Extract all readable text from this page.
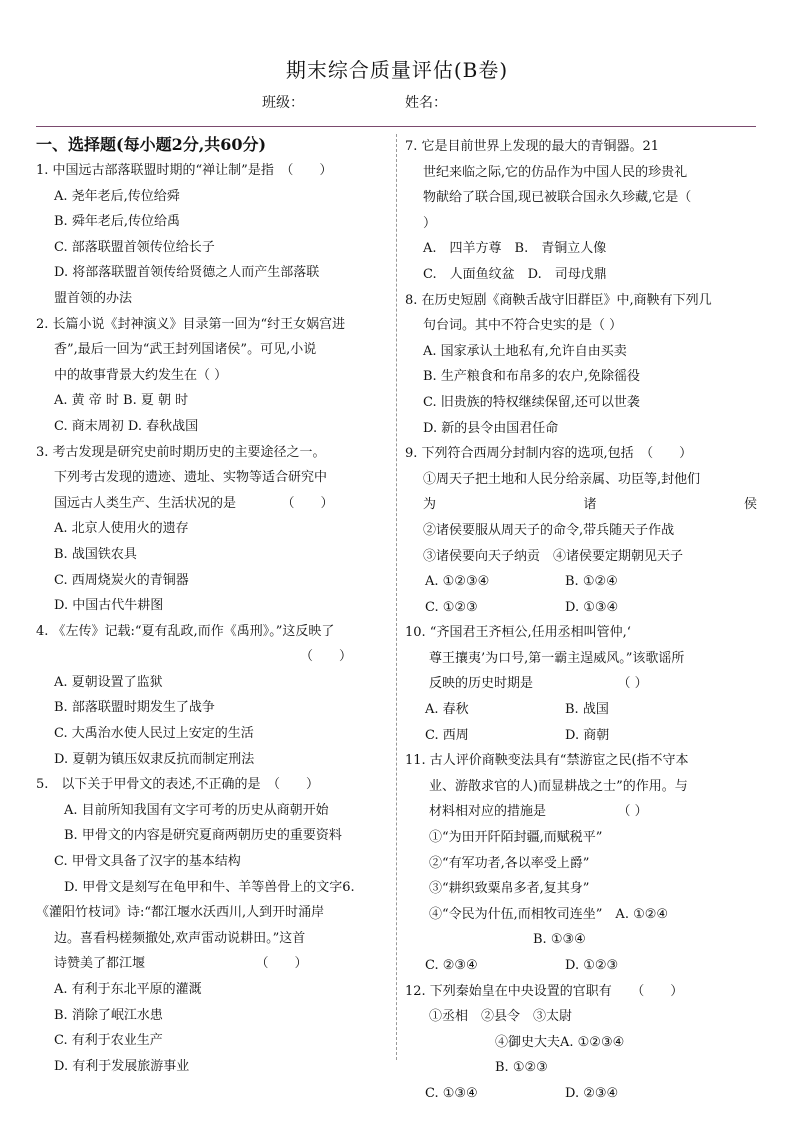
期末综合质量评估(B卷)
班级：	姓名：
一、选择题(每小题2分,共60分)
1. 中国远古部落联盟时期的“禅让制”是指　（　　）
A. 尧年老后,传位给舜
B. 舜年老后,传位给禹
C. 部落联盟首领传位给长子
D. 将部落联盟首领传给贤德之人而产生部落联
盟首领的办法
2. 长篇小说《封神演义》目录第一回为“纣王女娲宫进
香”,最后一回为“武王封列国诸侯”。可见,小说
中的故事背景大约发生在（ ）
A. 黄 帝 时 B. 夏 朝 时
C. 商末周初 D. 春秋战国
3. 考古发现是研究史前时期历史的主要途径之一。
下列考古发现的遗迹、遗址、实物等适合研究中
国远古人类生产、生活状况的是　　　　（　　）
A. 北京人使用火的遗存
B. 战国铁农具
C. 西周烧炭火的青铜器
D. 中国古代牛耕图
4. 《左传》记载:“夏有乱政,而作《禹刑》。”这反映了
（　　）
A. 夏朝设置了监狱
B. 部落联盟时期发生了战争
C. 大禹治水使人民过上安定的生活
D. 夏朝为镇压奴隶反抗而制定刑法
5.　以下关于甲骨文的表述,不正确的是　（　　）
A. 目前所知我国有文字可考的历史从商朝开始
B. 甲骨文的内容是研究夏商两朝历史的重要资料
C. 甲骨文具备了汉字的基本结构
D. 甲骨文是刻写在龟甲和牛、羊等兽骨上的文字6.
《灌阳竹枝词》诗:“都江堰水沃西川,人到开时涌岸
边。喜看杩槎频撤处,欢声雷动说耕田。”这首
诗赞美了都江堰　　　　　　　　　（　　）
A. 有利于东北平原的灌溉
B. 消除了岷江水患
C. 有利于农业生产
D. 有利于发展旅游事业
7. 它是目前世界上发现的最大的青铜器。21
世纪来临之际,它的仿品作为中国人民的珍贵礼
物献给了联合国,现已被联合国永久珍藏,它是（
）
A.　四羊方尊　B.　青铜立人像
C.　人面鱼纹盆　D.　司母戊鼎
8. 在历史短剧《商鞅舌战守旧群臣》中,商鞅有下列几
句台词。其中不符合史实的是（ ）
A. 国家承认土地私有,允许自由买卖
B. 生产粮食和布帛多的农户,免除徭役
C. 旧贵族的特权继续保留,还可以世袭
D. 新的县令由国君任命
9. 下列符合西周分封制内容的选项,包括　（　　）
①周天子把土地和人民分给亲属、功臣等,封他们
为	诸	侯
②诸侯要服从周天子的命令,带兵随天子作战
③诸侯要向天子纳贡　④诸侯要定期朝见天子
A. ①②③④	B. ①②④
C. ①②③	D. ①③④
10. “齐国君王齐桓公,任用丞相叫管仲,‘
尊王攘夷’为口号,第一霸主逞威风。”该歌谣所
反映的历史时期是　　　　　　　（ ）
A. 春秋	B. 战国
C. 西周	D. 商朝
11. 古人评价商鞅变法具有“禁游宦之民(指不守本
业、游散求官的人)而显耕战之士”的作用。与
材料相对应的措施是　　　　　　（ ）
①“为田开阡陌封疆,而赋税平”
②“有军功者,各以率受上爵”
③“耕织致粟帛多者,复其身”
④“令民为什伍,而相牧司连坐”　A. ①②④
B. ①③④
C. ②③④	D. ①②③
12. 下列秦始皇在中央设置的官职有　　（　　）
①丞相　②县令　③太尉
④御史大夫A. ①②③④
B. ①②③
C. ①③④	D. ②③④
